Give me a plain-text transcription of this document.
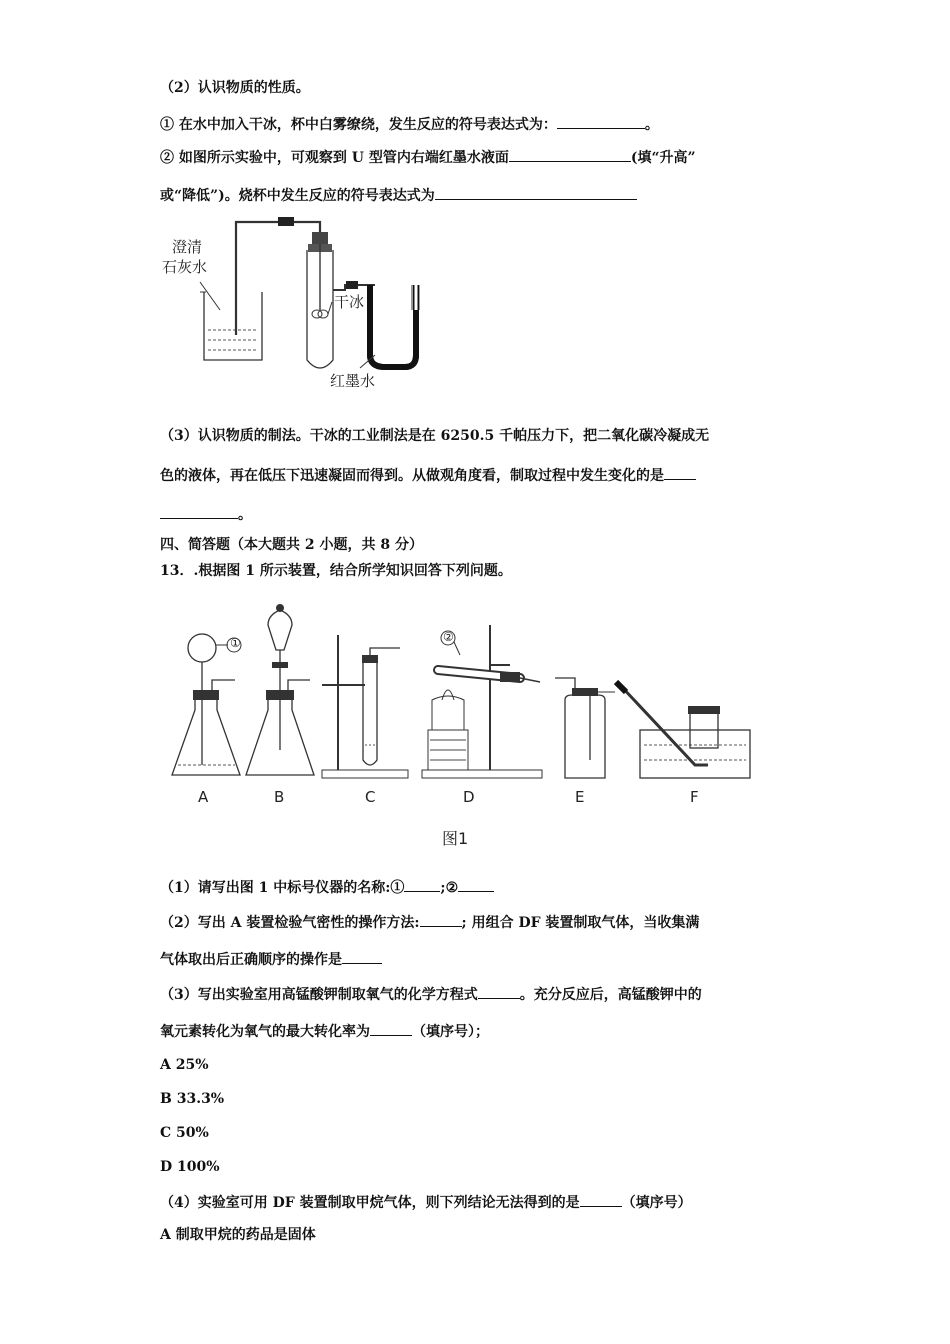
（2）认识物质的性质。
① 在水中加入干冰，杯中白雾缭绕，发生反应的符号表达式为：	。
② 如图所示实验中，可观察到 U 型管内右端红墨水液面	(填“升高”
或“降低”)。烧杯中发生反应的符号表达式为
澄清
石灰水
干冰
红墨水
（3）认识物质的制法。干冰的工业制法是在 6250.5 千帕压力下，把二氧化碳冷凝成无
色的液体，再在低压下迅速凝固而得到。从做观角度看，制取过程中发生变化的是
。
四、简答题（本大题共 2 小题，共 8 分）
13．.根据图 1 所示装置，结合所学知识回答下列问题。
A	B	C	D	E	F
①	②
图1
（1）请写出图 1 中标号仪器的名称:①	;②
（2）写出 A 装置检验气密性的操作方法:	; 用组合 DF 装置制取气体，当收集满
气体取出后正确顺序的操作是
（3）写出实验室用高锰酸钾制取氧气的化学方程式	。充分反应后，高锰酸钾中的
氧元素转化为氧气的最大转化率为	（填序号）；
A 25%
B 33.3%
C 50%
D 100%
（4）实验室可用 DF 装置制取甲烷气体，则下列结论无法得到的是	（填序号）
A 制取甲烷的药品是固体
